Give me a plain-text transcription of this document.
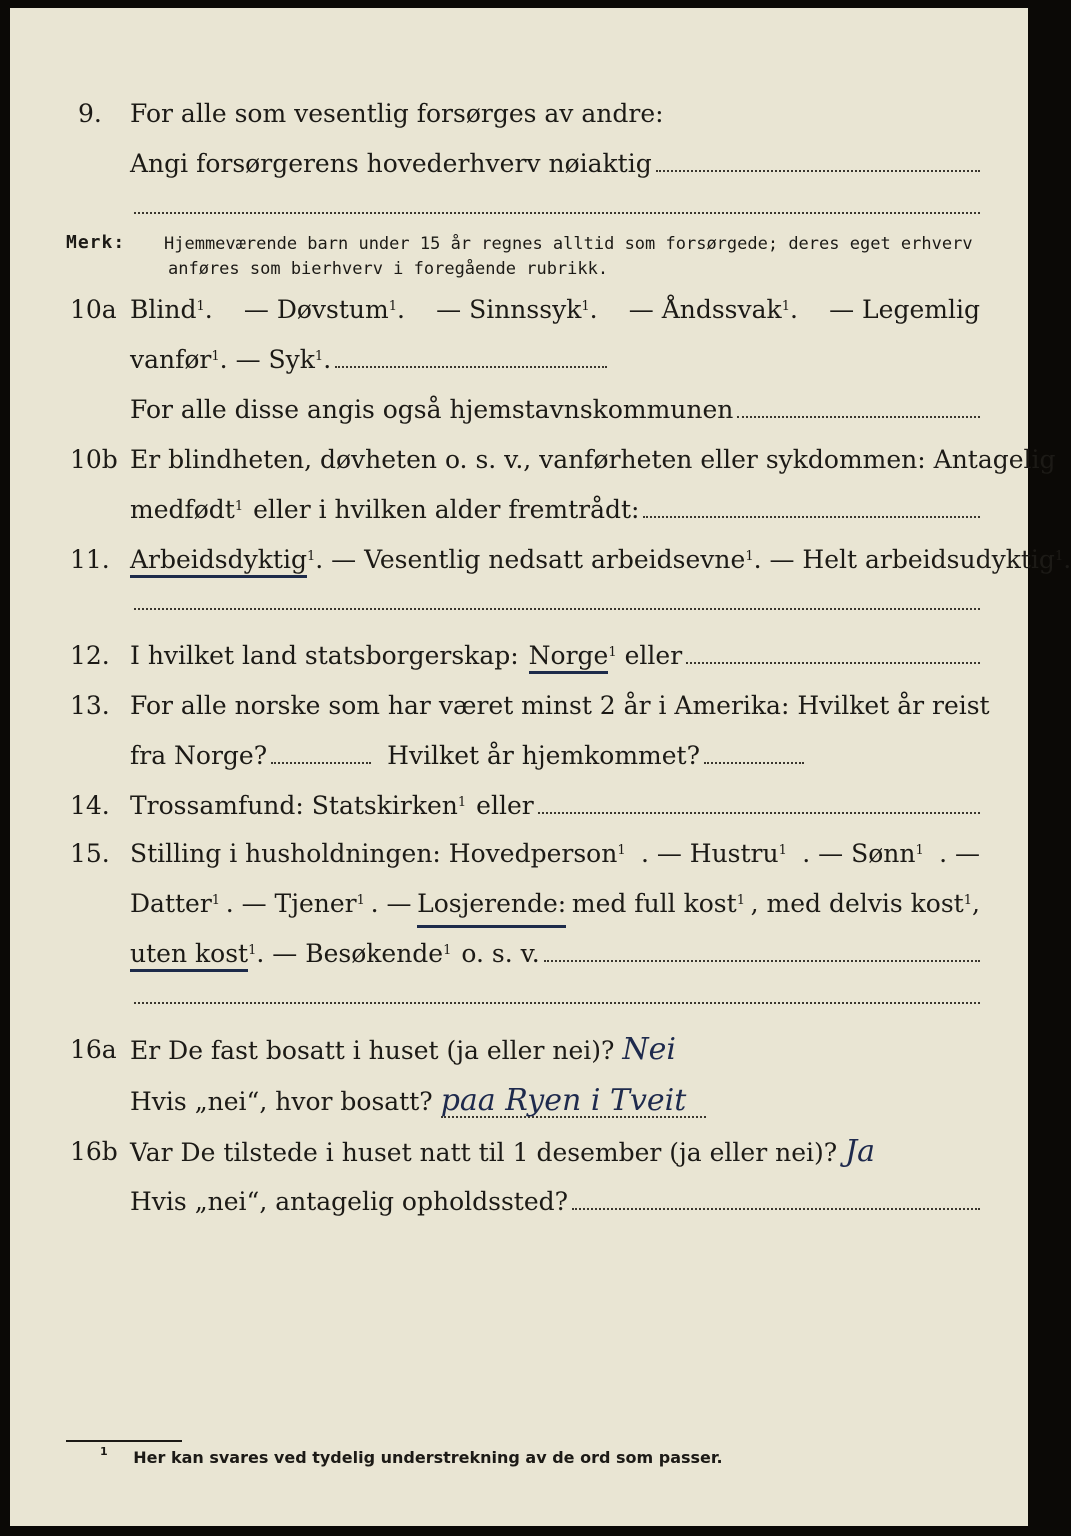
9. For alle som vesentlig forsørges av andre:
Angi forsørgerens hovederhverv nøiaktig
Merk: Hjemmeværende barn under 15 år regnes alltid som forsørgede; deres eget erhverv
anføres som bierhverv i foregående rubrikk.
10a Blind$^1$. — Døvstum$^1$. — Sinnssyk$^1$. — Åndssvak$^1$. — Legemlig
vanfør$^1$ . — Syk$^1$.
For alle disse angis også hjemstavnskommunen
10b Er blindheten, døvheten o. s. v., vanførheten eller sykdommen: Antagelig
medfødt$^1$ eller i hvilken alder fremtrådt:
11. Arbeidsdyktig$^1$ . — Vesentlig nedsatt arbeidsevne$^1$ . — Helt arbeidsudyktig$^1$.
12. I hvilket land statsborgerskap: Norge$^1$ eller
13. For alle norske som har været minst 2 år i Amerika: Hvilket år reist
fra Norge?	Hvilket år hjemkommet?
14. Trossamfund: Statskirken$^1$ eller
15. Stilling i husholdningen: Hovedperson$^1$ . — Hustru$^1$ . — Sønn$^1$ . —
Datter$^1$ . — Tjener$^1$ . — Losjerende: med full kost$^1$ , med delvis kost$^1$,
uten kost$^1$ . — Besøkende$^1$ o. s. v.
16a Er De fast bosatt i huset (ja eller nei)? Nei
Hvis „nei“, hvor bosatt? paa Ryen i Tveit
16b Var De tilstede i huset natt til 1 desember (ja eller nei)? Ja
Hvis „nei“, antagelig opholdssted?
$^1$ Her kan svares ved tydelig understrekning av de ord som passer.
